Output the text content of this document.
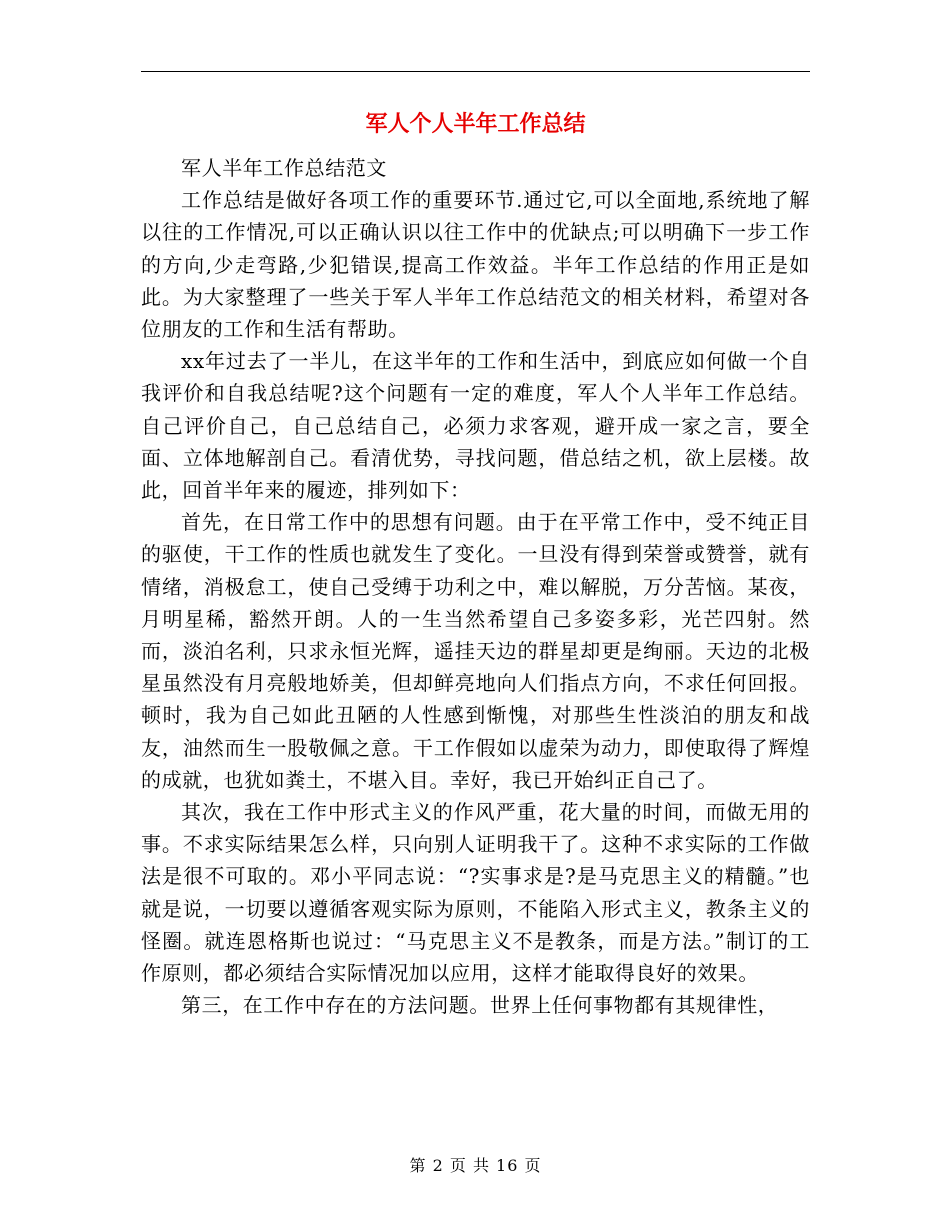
军人个人半年工作总结

军人半年工作总结范文

工作总结是做好各项工作的重要环节.通过它,可以全面地,系统地了解以往的工作情况,可以正确认识以往工作中的优缺点;可以明确下一步工作的方向,少走弯路,少犯错误,提高工作效益。半年工作总结的作用正是如此。为大家整理了一些关于军人半年工作总结范文的相关材料，希望对各位朋友的工作和生活有帮助。

xx年过去了一半儿，在这半年的工作和生活中，到底应如何做一个自我评价和自我总结呢?这个问题有一定的难度，军人个人半年工作总结。自己评价自己，自己总结自己，必须力求客观，避开成一家之言，要全面、立体地解剖自己。看清优势，寻找问题，借总结之机，欲上层楼。故此，回首半年来的履迹，排列如下：

首先，在日常工作中的思想有问题。由于在平常工作中，受不纯正目的驱使，干工作的性质也就发生了变化。一旦没有得到荣誉或赞誉，就有情绪，消极怠工，使自己受缚于功利之中，难以解脱，万分苦恼。某夜，月明星稀，豁然开朗。人的一生当然希望自己多姿多彩，光芒四射。然而，淡泊名利，只求永恒光辉，遥挂天边的群星却更是绚丽。天边的北极星虽然没有月亮般地娇美，但却鲜亮地向人们指点方向，不求任何回报。顿时，我为自己如此丑陋的人性感到惭愧，对那些生性淡泊的朋友和战友，油然而生一股敬佩之意。干工作假如以虚荣为动力，即使取得了辉煌的成就，也犹如粪土，不堪入目。幸好，我已开始纠正自己了。

其次，我在工作中形式主义的作风严重，花大量的时间，而做无用的事。不求实际结果怎么样，只向别人证明我干了。这种不求实际的工作做法是很不可取的。邓小平同志说：“?实事求是?是马克思主义的精髓。”也就是说，一切要以遵循客观实际为原则，不能陷入形式主义，教条主义的怪圈。就连恩格斯也说过：“马克思主义不是教条，而是方法。”制订的工作原则，都必须结合实际情况加以应用，这样才能取得良好的效果。

第三，在工作中存在的方法问题。世界上任何事物都有其规律性，

第 2 页 共 16 页
